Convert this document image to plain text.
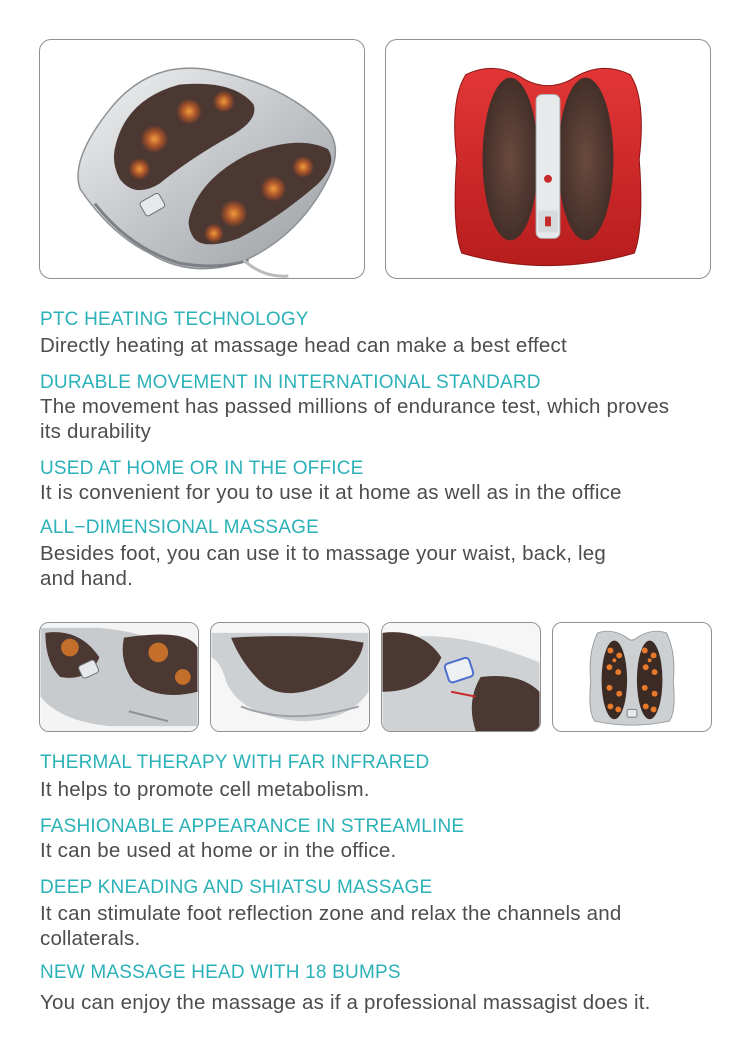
PTC HEATING TECHNOLOGY
Directly heating at massage head can make a best effect
DURABLE MOVEMENT IN INTERNATIONAL STANDARD
The movement has passed millions of endurance test, which proves its durability
USED AT HOME OR IN THE OFFICE
It is convenient for you to use it at home as well as in the office
ALL−DIMENSIONAL MASSAGE
Besides foot, you can use it to massage your waist, back, leg and hand.
THERMAL THERAPY WITH FAR INFRARED
It helps to promote cell metabolism.
FASHIONABLE APPEARANCE IN STREAMLINE
It can be used at home or in the office.
DEEP KNEADING AND SHIATSU MASSAGE
It can stimulate foot reflection zone and relax the channels and collaterals.
NEW MASSAGE HEAD WITH 18 BUMPS
You can enjoy the massage as if a professional massagist does it.
